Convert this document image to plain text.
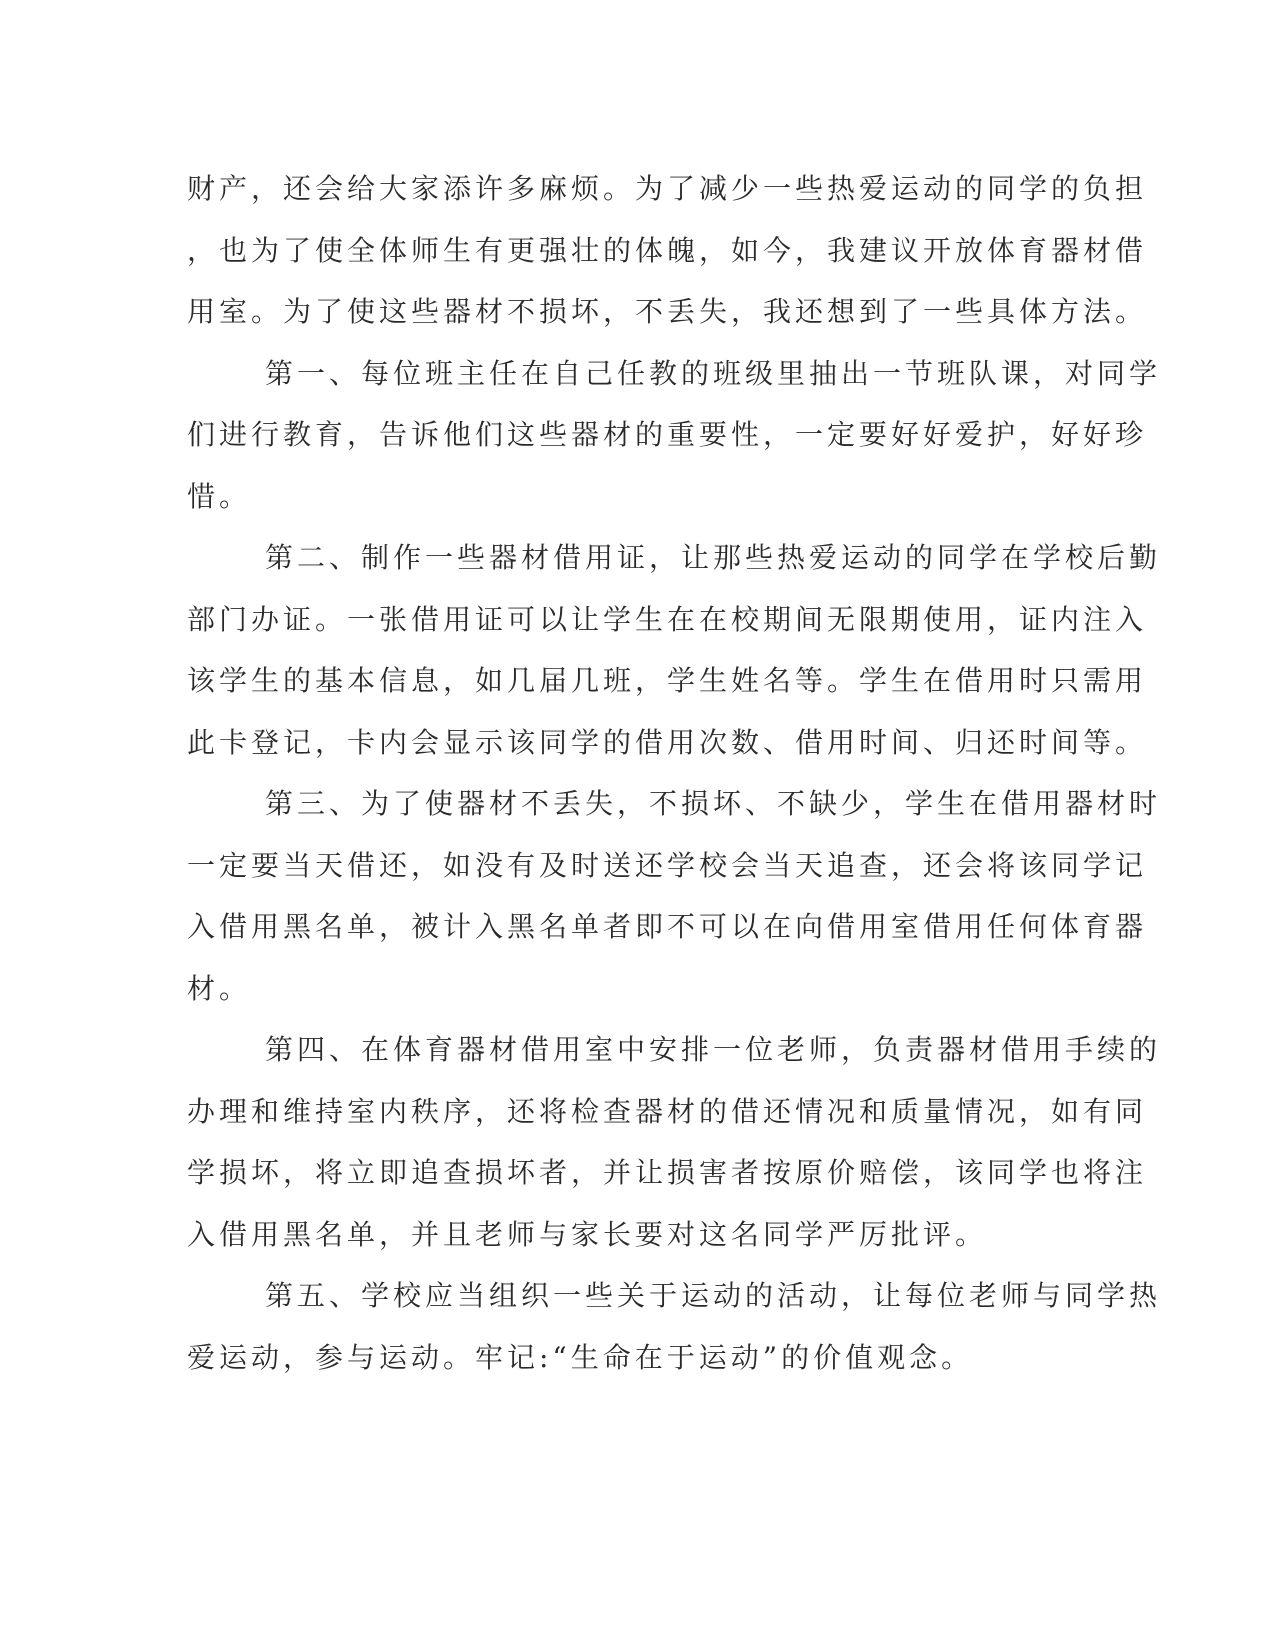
财产，还会给大家添许多麻烦。为了减少一些热爱运动的同学的负担
，也为了使全体师生有更强壮的体魄，如今，我建议开放体育器材借
用室。为了使这些器材不损坏，不丢失，我还想到了一些具体方法。
第一、每位班主任在自己任教的班级里抽出一节班队课，对同学
们进行教育，告诉他们这些器材的重要性，一定要好好爱护，好好珍
惜。
第二、制作一些器材借用证，让那些热爱运动的同学在学校后勤
部门办证。一张借用证可以让学生在在校期间无限期使用，证内注入
该学生的基本信息，如几届几班，学生姓名等。学生在借用时只需用
此卡登记，卡内会显示该同学的借用次数、借用时间、归还时间等。
第三、为了使器材不丢失，不损坏、不缺少，学生在借用器材时
一定要当天借还，如没有及时送还学校会当天追查，还会将该同学记
入借用黑名单，被计入黑名单者即不可以在向借用室借用任何体育器
材。
第四、在体育器材借用室中安排一位老师，负责器材借用手续的
办理和维持室内秩序，还将检查器材的借还情况和质量情况，如有同
学损坏，将立即追查损坏者，并让损害者按原价赔偿，该同学也将注
入借用黑名单，并且老师与家长要对这名同学严厉批评。
第五、学校应当组织一些关于运动的活动，让每位老师与同学热
爱运动，参与运动。牢记:“生命在于运动”的价值观念。
